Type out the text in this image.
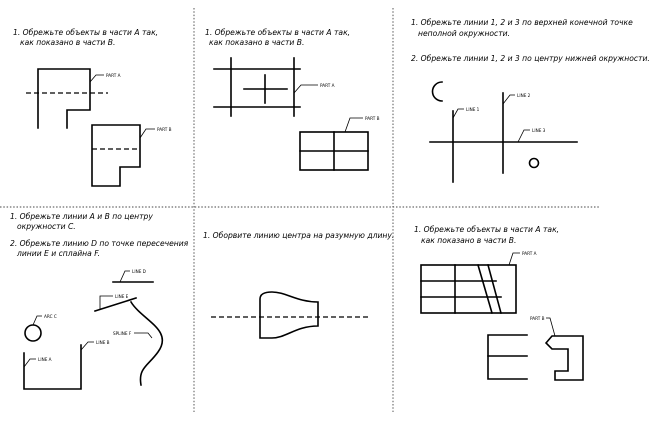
1. Обрежьте объекты в части A так,
как показано в части B.
PART A
PART B
1. Обрежьте объекты в части A так,
как показано в части B.
PART A
PART B
1. Обрежьте линии 1, 2 и 3 по верхней конечной точке
неполной окружности.
2. Обрежьте линии 1, 2 и 3 по центру нижней окружности.
LINE 1
LINE 2
LINE 3
1. Обрежьте линии A и B по центру
окружности C.
2. Обрежьте линию D по точке пересечения
линии E и сплайна F.
LINE D
LINE E
SPLINE F
ARC C
LINE A
LINE B
1. Оборвите линию центра на разумную длину.
1. Обрежьте объекты в части A так,
как показано в части B.
PART A
PART B
